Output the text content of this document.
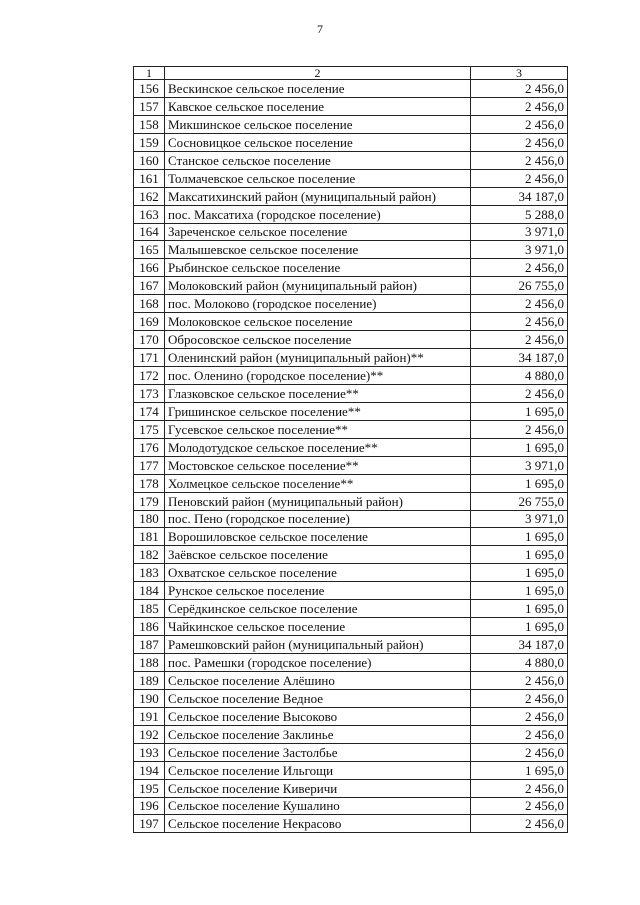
7
1	2	3
156	Вескинское сельское поселение	2 456,0
157	Кавское сельское поселение	2 456,0
158	Микшинское сельское поселение	2 456,0
159	Сосновицкое сельское поселение	2 456,0
160	Станское сельское поселение	2 456,0
161	Толмачевское сельское поселение	2 456,0
162	Максатихинский район (муниципальный район)	34 187,0
163	пос. Максатиха (городское поселение)	5 288,0
164	Зареченское сельское поселение	3 971,0
165	Малышевское сельское поселение	3 971,0
166	Рыбинское сельское поселение	2 456,0
167	Молоковский район (муниципальный район)	26 755,0
168	пос. Молоково (городское поселение)	2 456,0
169	Молоковское сельское поселение	2 456,0
170	Обросовское сельское поселение	2 456,0
171	Оленинский район (муниципальный район)**	34 187,0
172	пос. Оленино (городское поселение)**	4 880,0
173	Глазковское сельское поселение**	2 456,0
174	Гришинское сельское поселение**	1 695,0
175	Гусевское сельское поселение**	2 456,0
176	Молодотудское сельское поселение**	1 695,0
177	Мостовское сельское поселение**	3 971,0
178	Холмецкое сельское поселение**	1 695,0
179	Пеновский район (муниципальный район)	26 755,0
180	пос. Пено (городское поселение)	3 971,0
181	Ворошиловское сельское поселение	1 695,0
182	Заёвское сельское поселение	1 695,0
183	Охватское сельское поселение	1 695,0
184	Рунское сельское поселение	1 695,0
185	Серёдкинское сельское поселение	1 695,0
186	Чайкинское сельское поселение	1 695,0
187	Рамешковский район (муниципальный район)	34 187,0
188	пос. Рамешки (городское поселение)	4 880,0
189	Сельское поселение Алёшино	2 456,0
190	Сельское поселение Ведное	2 456,0
191	Сельское поселение Высоково	2 456,0
192	Сельское поселение Заклинье	2 456,0
193	Сельское поселение Застолбье	2 456,0
194	Сельское поселение Ильгощи	1 695,0
195	Сельское поселение Киверичи	2 456,0
196	Сельское поселение Кушалино	2 456,0
197	Сельское поселение Некрасово	2 456,0
